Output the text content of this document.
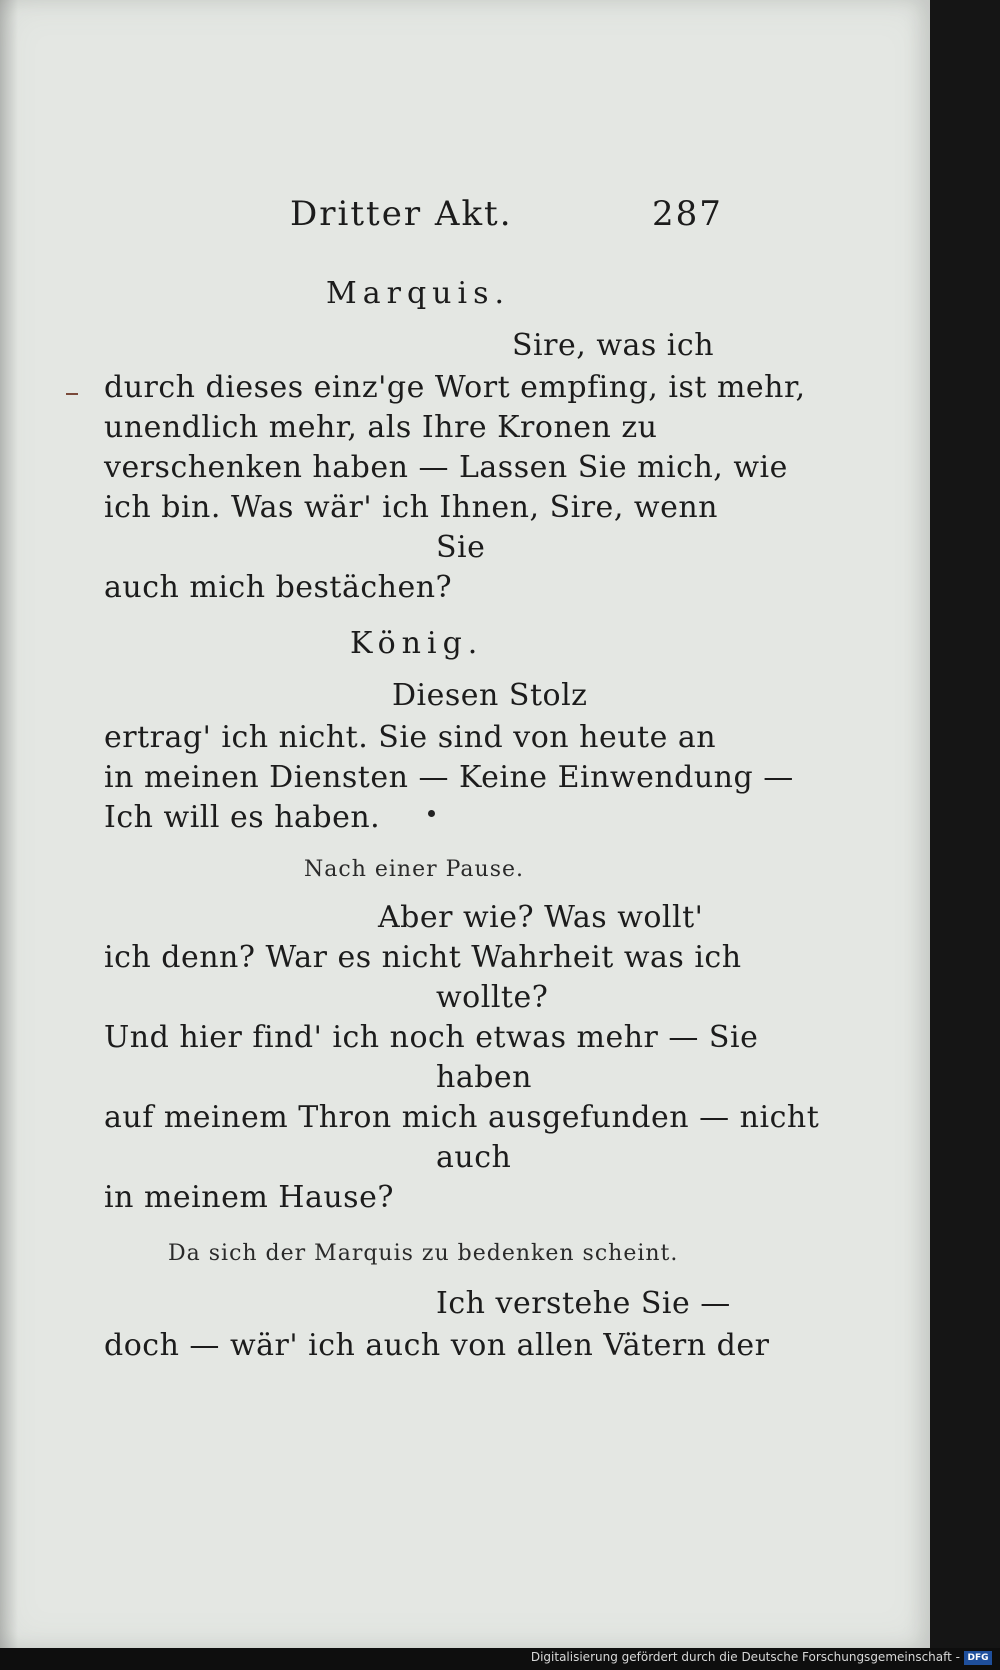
Dritter Akt.	287
Marquis.
Sire, was ich
durch dieses einz'ge Wort empfing, ist mehr,
unendlich mehr, als Ihre Kronen zu
verschenken haben — Lassen Sie mich, wie
ich bin. Was wär' ich Ihnen, Sire, wenn
Sie
auch mich bestächen?
König.
Diesen Stolz
ertrag' ich nicht. Sie sind von heute an
in meinen Diensten — Keine Einwendung —
Ich will es haben.
Nach einer Pause.
Aber wie? Was wollt'
ich denn? War es nicht Wahrheit was ich
wollte?
Und hier find' ich noch etwas mehr — Sie
haben
auf meinem Thron mich ausgefunden — nicht
auch
in meinem Hause?
Da sich der Marquis zu bedenken scheint.
Ich verstehe Sie —
doch — wär' ich auch von allen Vätern der
Digitalisierung gefördert durch die Deutsche Forschungsgemeinschaft - DFG
